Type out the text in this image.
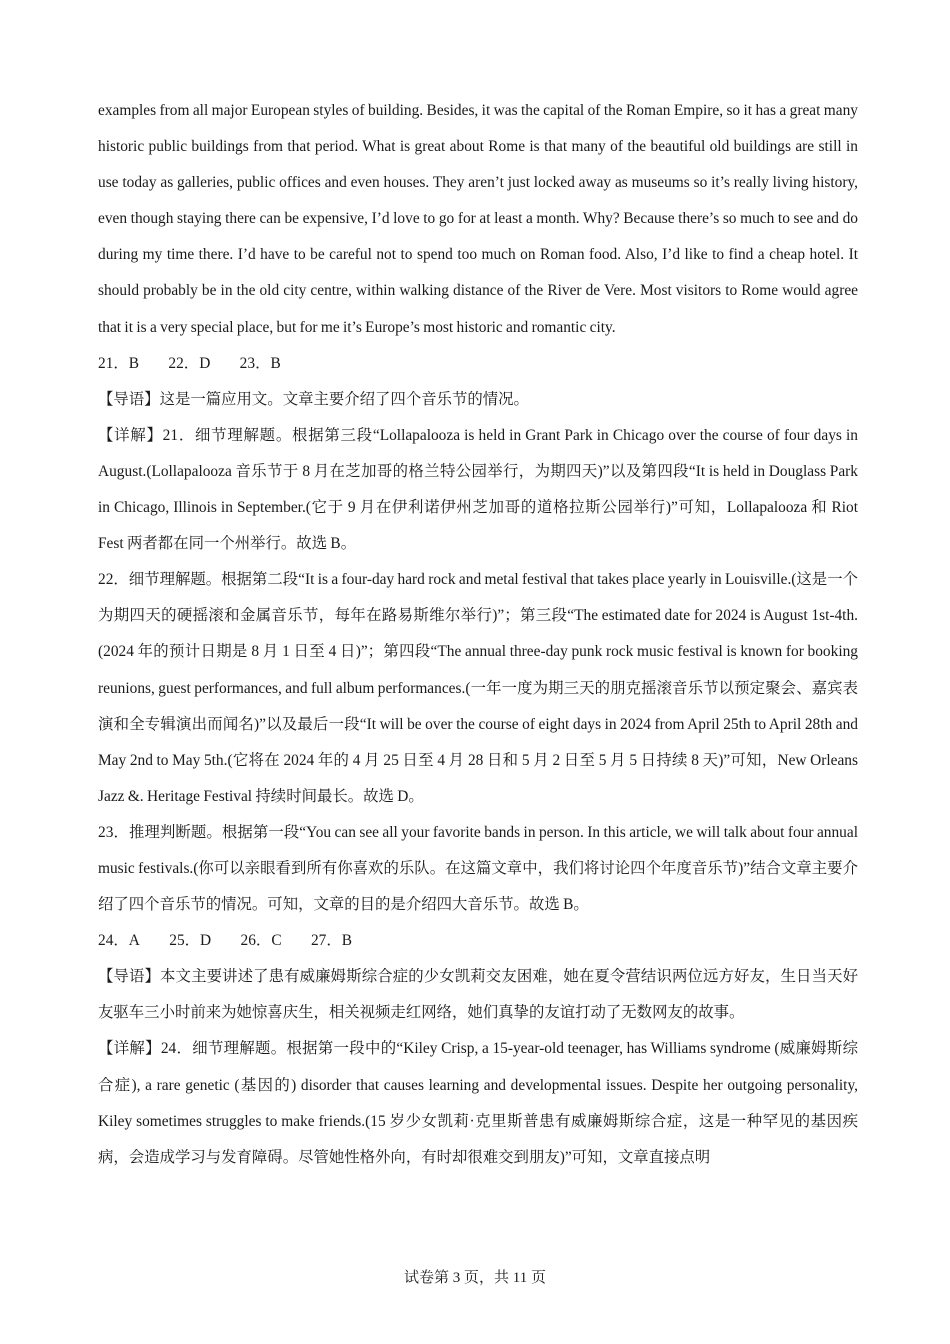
examples from all major European styles of building. Besides, it was the capital of the Roman Empire, so it has a great many historic public buildings from that period. What is great about Rome is that many of the beautiful old buildings are still in use today as galleries, public offices and even houses. They aren’t just locked away as museums so it’s really living history, even though staying there can be expensive, I’d love to go for at least a month. Why? Because there’s so much to see and do during my time there. I’d have to be careful not to spend too much on Roman food. Also, I’d like to find a cheap hotel. It should probably be in the old city centre, within walking distance of the River de Vere. Most visitors to Rome would agree that it is a very special place, but for me it’s Europe’s most historic and romantic city.

21．B 22．D 23．B

【导语】这是一篇应用文。文章主要介绍了四个音乐节的情况。

【详解】21．细节理解题。根据第三段“Lollapalooza is held in Grant Park in Chicago over the course of four days in August.(Lollapalooza 音乐节于 8 月在芝加哥的格兰特公园举行，为期四天)”以及第四段“It is held in Douglass Park in Chicago, Illinois in September.(它于 9 月在伊利诺伊州芝加哥的道格拉斯公园举行)”可知，Lollapalooza 和 Riot Fest 两者都在同一个州举行。故选 B。

22．细节理解题。根据第二段“It is a four-day hard rock and metal festival that takes place yearly in Louisville.(这是一个为期四天的硬摇滚和金属音乐节，每年在路易斯维尔举行)”；第三段“The estimated date for 2024 is August 1st-4th.(2024 年的预计日期是 8 月 1 日至 4 日)”；第四段“The annual three-day punk rock music festival is known for booking reunions, guest performances, and full album performances.(一年一度为期三天的朋克摇滚音乐节以预定聚会、嘉宾表演和全专辑演出而闻名)”以及最后一段“It will be over the course of eight days in 2024 from April 25th to April 28th and May 2nd to May 5th.(它将在 2024 年的 4 月 25 日至 4 月 28 日和 5 月 2 日至 5 月 5 日持续 8 天)”可知，New Orleans Jazz &. Heritage Festival 持续时间最长。故选 D。

23．推理判断题。根据第一段“You can see all your favorite bands in person. In this article, we will talk about four annual music festivals.(你可以亲眼看到所有你喜欢的乐队。在这篇文章中，我们将讨论四个年度音乐节)”结合文章主要介绍了四个音乐节的情况。可知，文章的目的是介绍四大音乐节。故选 B。

24．A 25．D 26．C 27．B

【导语】本文主要讲述了患有威廉姆斯综合症的少女凯莉交友困难，她在夏令营结识两位远方好友，生日当天好友驱车三小时前来为她惊喜庆生，相关视频走红网络，她们真挚的友谊打动了无数网友的故事。

【详解】24．细节理解题。根据第一段中的“Kiley Crisp, a 15-year-old teenager, has Williams syndrome (威廉姆斯综合症), a rare genetic (基因的) disorder that causes learning and developmental issues. Despite her outgoing personality, Kiley sometimes struggles to make friends.(15 岁少女凯莉·克里斯普患有威廉姆斯综合症，这是一种罕见的基因疾病，会造成学习与发育障碍。尽管她性格外向，有时却很难交到朋友)”可知，文章直接点明

试卷第 3 页，共 11 页
